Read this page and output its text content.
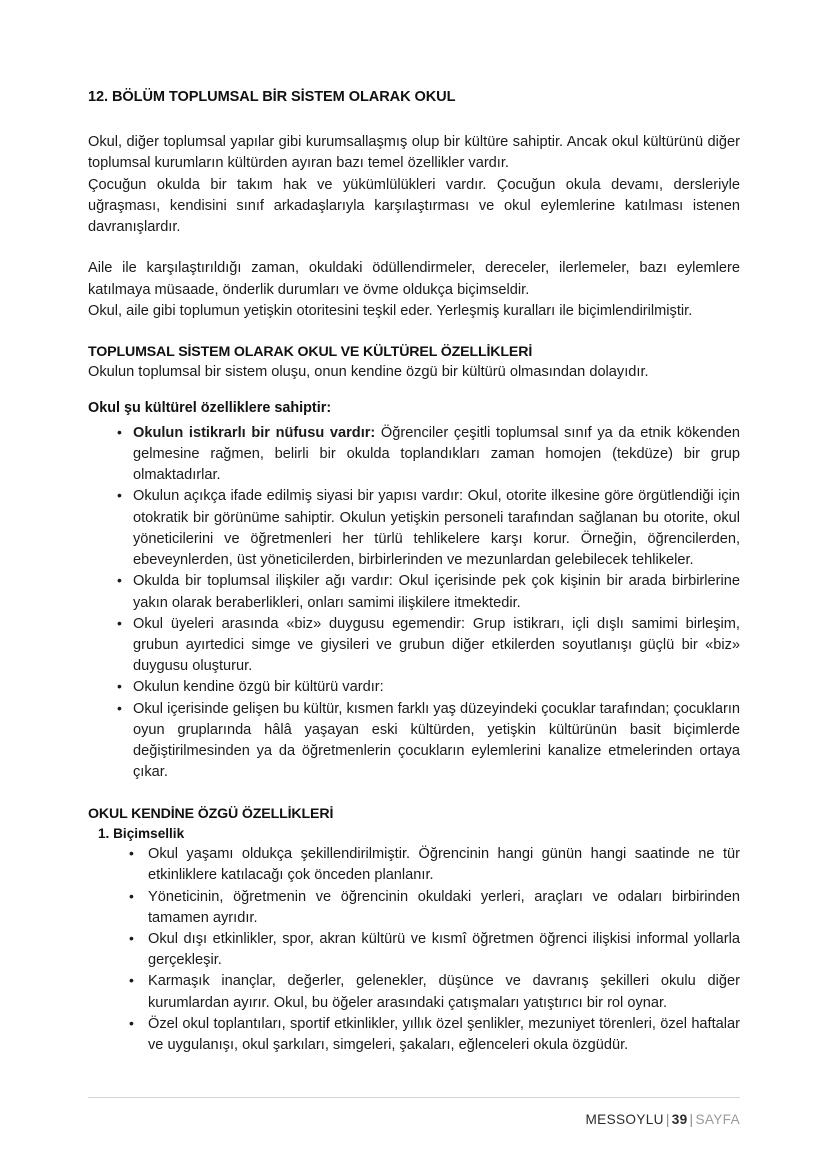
12. BÖLÜM TOPLUMSAL BİR SİSTEM OLARAK OKUL

Okul, diğer toplumsal yapılar gibi kurumsallaşmış olup bir kültüre sahiptir. Ancak okul kültürünü diğer toplumsal kurumların kültürden ayıran bazı temel özellikler vardır.

Çocuğun okulda bir takım hak ve yükümlülükleri vardır. Çocuğun okula devamı, dersleriyle uğraşması, kendisini sınıf arkadaşlarıyla karşılaştırması ve okul eylemlerine katılması istenen davranışlardır.

Aile ile karşılaştırıldığı zaman, okuldaki ödüllendirmeler, dereceler, ilerlemeler, bazı eylemlere katılmaya müsaade, önderlik durumları ve övme oldukça biçimseldir.

Okul, aile gibi toplumun yetişkin otoritesini teşkil eder. Yerleşmiş kuralları ile biçimlendirilmiştir.

TOPLUMSAL SİSTEM OLARAK OKUL VE KÜLTÜREL ÖZELLİKLERİ

Okulun toplumsal bir sistem oluşu, onun kendine özgü bir kültürü olmasından dolayıdır.

Okul şu kültürel özelliklere sahiptir:
• Okulun istikrarlı bir nüfusu vardır: Öğrenciler çeşitli toplumsal sınıf ya da etnik kökenden gelmesine rağmen, belirli bir okulda toplandıkları zaman homojen (tekdüze) bir grup olmaktadırlar.
• Okulun açıkça ifade edilmiş siyasi bir yapısı vardır: Okul, otorite ilkesine göre örgütlendiği için otokratik bir görünüme sahiptir. Okulun yetişkin personeli tarafından sağlanan bu otorite, okul yöneticilerini ve öğretmenleri her türlü tehlikelere karşı korur. Örneğin, öğrencilerden, ebeveynlerden, üst yöneticilerden, birbirlerinden ve mezunlardan gelebilecek tehlikeler.
• Okulda bir toplumsal ilişkiler ağı vardır: Okul içerisinde pek çok kişinin bir arada birbirlerine yakın olarak beraberlikleri, onları samimi ilişkilere itmektedir.
• Okul üyeleri arasında «biz» duygusu egemendir: Grup istikrarı, içli dışlı samimi birleşim, grubun ayırtedici simge ve giysileri ve grubun diğer etkilerden soyutlanışı güçlü bir «biz» duygusu oluşturur.
• Okulun kendine özgü bir kültürü vardır:
• Okul içerisinde gelişen bu kültür, kısmen farklı yaş düzeyindeki çocuklar tarafından; çocukların oyun gruplarında hâlâ yaşayan eski kültürden, yetişkin kültürünün basit biçimlerde değiştirilmesinden ya da öğretmenlerin çocukların eylemlerini kanalize etmelerinden ortaya çıkar.
OKUL KENDİNE ÖZGÜ ÖZELLİKLERİ
1. Biçimsellik
• Okul yaşamı oldukça şekillendirilmiştir. Öğrencinin hangi günün hangi saatinde ne tür etkinliklere katılacağı çok önceden planlanır.
• Yöneticinin, öğretmenin ve öğrencinin okuldaki yerleri, araçları ve odaları birbirinden tamamen ayrıdır.
• Okul dışı etkinlikler, spor, akran kültürü ve kısmî öğretmen öğrenci ilişkisi informal yollarla gerçekleşir.
• Karmaşık inançlar, değerler, gelenekler, düşünce ve davranış şekilleri okulu diğer kurumlardan ayırır. Okul, bu öğeler arasındaki çatışmaları yatıştırıcı bir rol oynar.
• Özel okul toplantıları, sportif etkinlikler, yıllık özel şenlikler, mezuniyet törenleri, özel haftalar ve uygulanışı, okul şarkıları, simgeleri, şakaları, eğlenceleri okula özgüdür.
MESSOYLU | 39 | SAYFA
